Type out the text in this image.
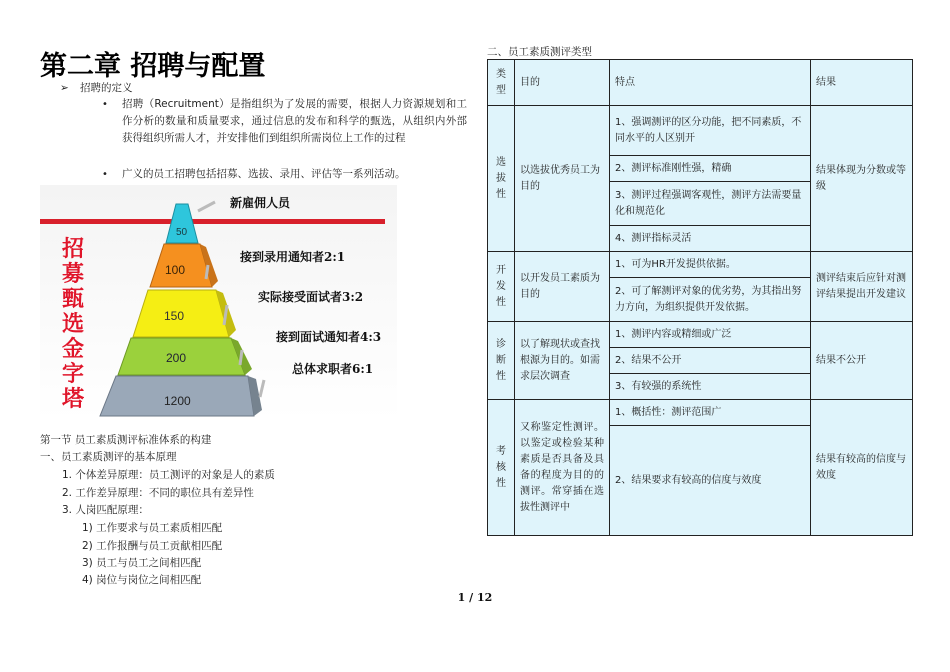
第二章 招聘与配置
➢ 招聘的定义
• 招聘（Recruitment）是指组织为了发展的需要，根据人力资源规划和工作分析的数量和质量要求，通过信息的发布和科学的甄选，从组织内外部获得组织所需人才，并安排他们到组织所需岗位上工作的过程
• 广义的员工招聘包括招募、选拔、录用、评估等一系列活动。
50
100
150
200
1200
招
募
甄
选
金
字
塔
新雇佣人员
接到录用通知者2:1
实际接受面试者3:2
接到面试通知者4:3
总体求职者6:1
第一节 员工素质测评标准体系的构建
一、员工素质测评的基本原理
1. 个体差异原理：员工测评的对象是人的素质
2. 工作差异原理：不同的职位具有差异性
3. 人岗匹配原理：
1) 工作要求与员工素质相匹配
2) 工作报酬与员工贡献相匹配
3) 员工与员工之间相匹配
4) 岗位与岗位之间相匹配
二、员工素质测评类型
类型	目的	特点	结果
选拔性	以选拔优秀员工为目的	1、强调测评的区分功能，把不同素质，不同水平的人区别开	结果体现为分数或等级
		2、测评标准刚性强，精确	
		3、测评过程强调客观性，测评方法需要量化和规范化	
		4、测评指标灵活	
开发性	以开发员工素质为目的	1、可为HR开发提供依据。	测评结束后应针对测评结果提出开发建议
		2、可了解测评对象的优劣势，为其指出努力方向，为组织提供开发依据。	
诊断性	以了解现状或查找根源为目的。如需求层次调查	1、测评内容或精细或广泛	结果不公开
		2、结果不公开	
		3、有较强的系统性	
考核性	又称鉴定性测评。以鉴定或检验某种素质是否具备及具备的程度为目的的测评。常穿插在选拔性测评中	1、概括性：测评范围广	结果有较高的信度与效度
		2、结果要求有较高的信度与效度	
1 / 12
